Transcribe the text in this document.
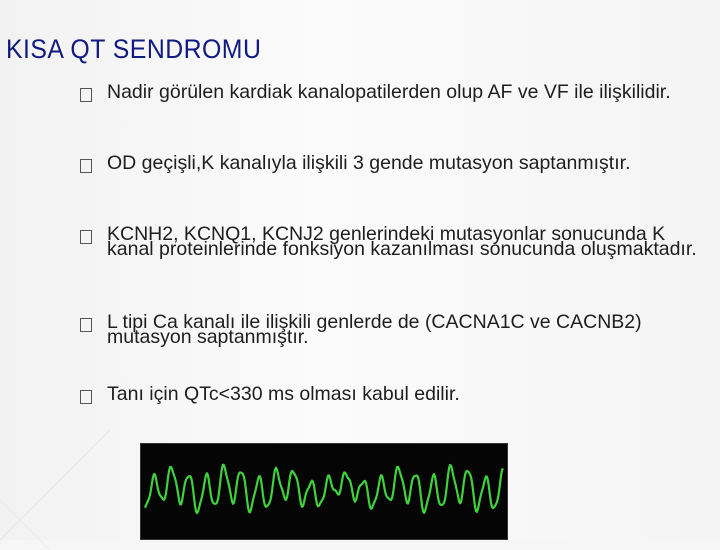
KISA QT SENDROMU
Nadir görülen kardiak kanalopatilerden olup AF ve VF ile ilişkilidir.
OD geçişli,K kanalıyla ilişkili 3 gende mutasyon saptanmıştır.
KCNH2, KCNQ1, KCNJ2 genlerindeki mutasyonlar sonucunda K kanal proteinlerinde fonksiyon kazanılması sonucunda oluşmaktadır.
L tipi Ca kanalı ile ilişkili genlerde de (CACNA1C ve CACNB2) mutasyon saptanmıştır.
Tanı için QTc<330 ms olması kabul edilir.
